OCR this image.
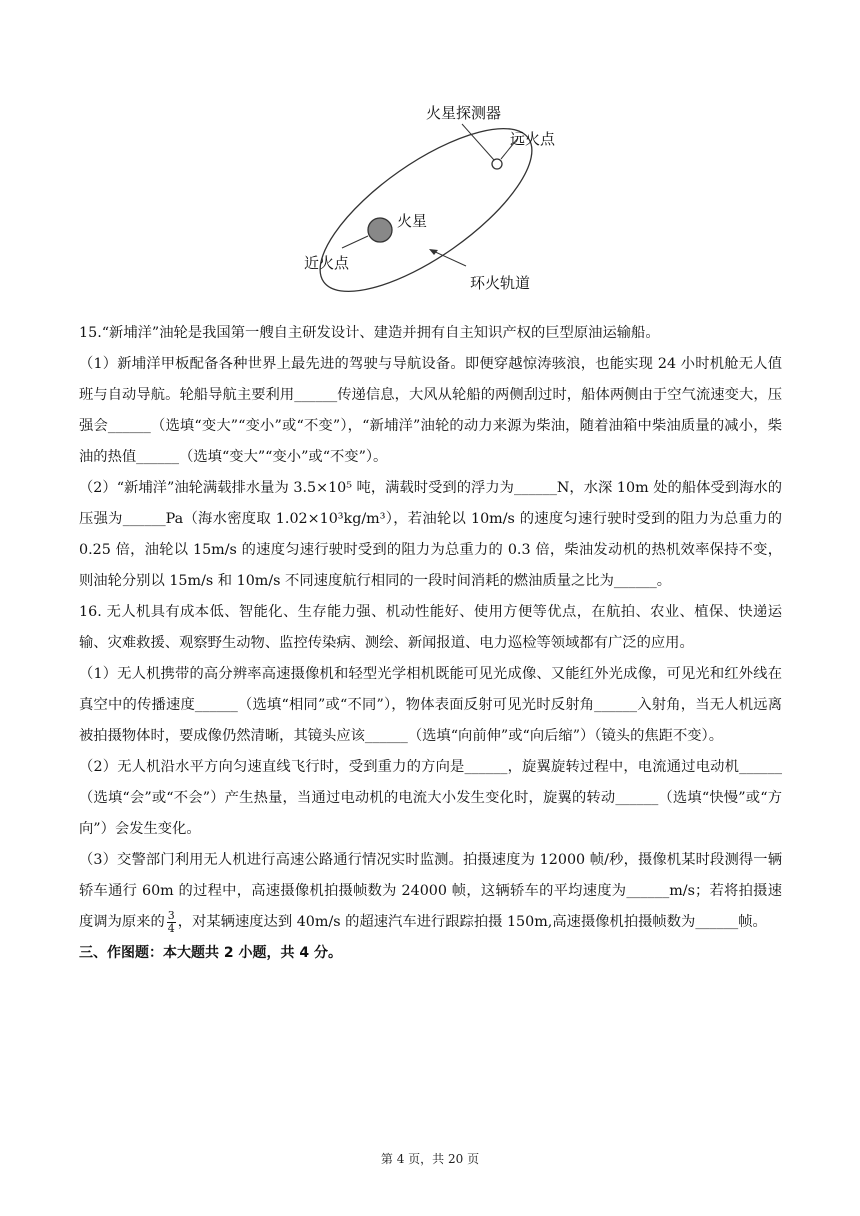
火星探测器
远火点
火星
近火点
环火轨道

15.“新埔洋”油轮是我国第一艘自主研发设计、建造并拥有自主知识产权的巨型原油运输船。

（1）新埔洋甲板配备各种世界上最先进的驾驶与导航设备。即便穿越惊涛骇浪，也能实现 24 小时机舱无人值班与自动导航。轮船导航主要利用______传递信息，大风从轮船的两侧刮过时，船体两侧由于空气流速变大，压强会______（选填“变大”“变小”或“不变”），“新埔洋”油轮的动力来源为柴油，随着油箱中柴油质量的减小，柴油的热值______（选填“变大”“变小”或“不变”）。

（2）“新埔洋”油轮满载排水量为 3.5×10⁵ 吨，满载时受到的浮力为______N，水深 10m 处的船体受到海水的压强为______Pa（海水密度取 1.02×10³kg/m³），若油轮以 10m/s 的速度匀速行驶时受到的阻力为总重力的 0.25 倍，油轮以 15m/s 的速度匀速行驶时受到的阻力为总重力的 0.3 倍，柴油发动机的热机效率保持不变，则油轮分别以 15m/s 和 10m/s 不同速度航行相同的一段时间消耗的燃油质量之比为______。

16. 无人机具有成本低、智能化、生存能力强、机动性能好、使用方便等优点，在航拍、农业、植保、快递运输、灾难救援、观察野生动物、监控传染病、测绘、新闻报道、电力巡检等领域都有广泛的应用。

（1）无人机携带的高分辨率高速摄像机和轻型光学相机既能可见光成像、又能红外光成像，可见光和红外线在真空中的传播速度______（选填“相同”或“不同”），物体表面反射可见光时反射角______入射角，当无人机远离被拍摄物体时，要成像仍然清晰，其镜头应该______（选填“向前伸”或“向后缩”）（镜头的焦距不变）。

（2）无人机沿水平方向匀速直线飞行时，受到重力的方向是______，旋翼旋转过程中，电流通过电动机______（选填“会”或“不会”）产生热量，当通过电动机的电流大小发生变化时，旋翼的转动______（选填“快慢”或“方向”）会发生变化。

（3）交警部门利用无人机进行高速公路通行情况实时监测。拍摄速度为 12000 帧/秒，摄像机某时段测得一辆轿车通行 60m 的过程中，高速摄像机拍摄帧数为 24000 帧，这辆轿车的平均速度为______m/s；若将拍摄速度调为原来的 $\frac{3}{4}$ ，对某辆速度达到 40m/s 的超速汽车进行跟踪拍摄 150m,高速摄像机拍摄帧数为______帧。

三、作图题：本大题共 2 小题，共 4 分。

第 4 页，共 20 页
